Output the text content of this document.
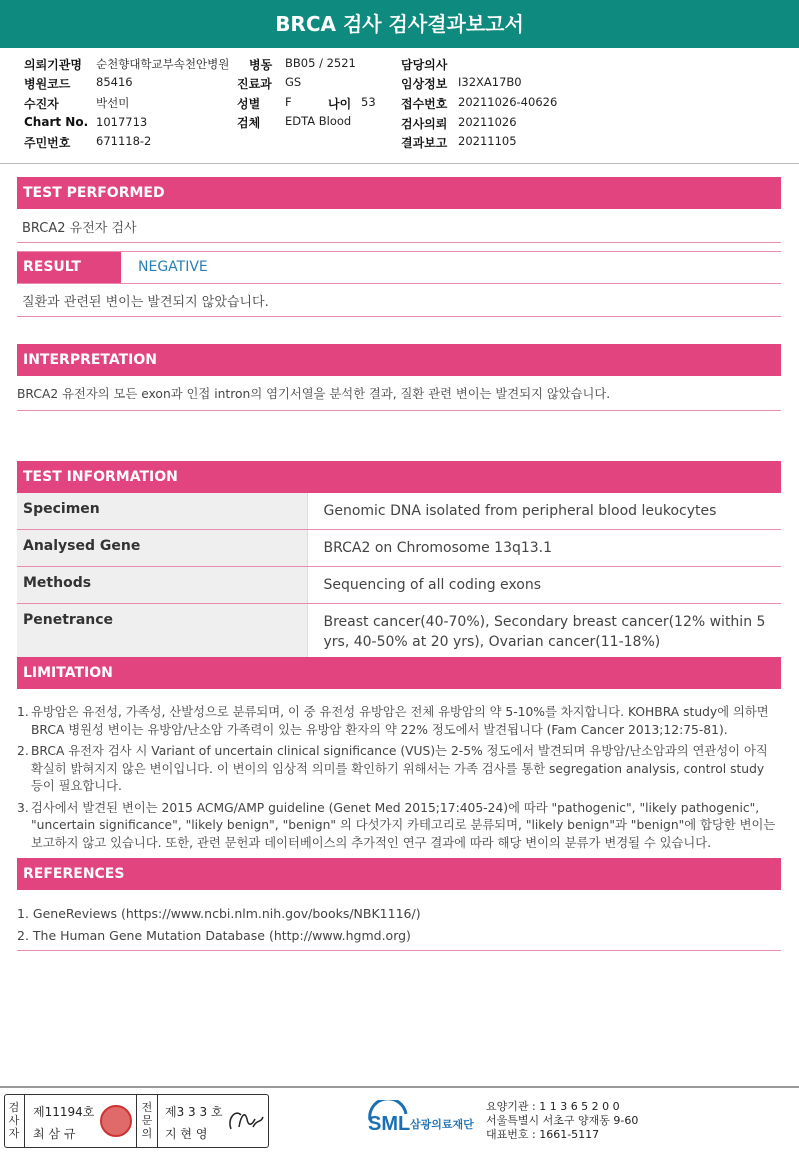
BRCA 검사 검사결과보고서
의뢰기관명 순천향대학교부속천안병원 병동 BB05 / 2521	담당의사
병원코드 85416	진료과 GS	임상정보 I32XA17B0
수진자	박선미	성별 F	나이 53 접수번호 20211026-40626
Chart No. 1017713	검체 EDTA Blood	검사의뢰 20211026
주민번호 671118-2	결과보고 20211105
TEST PERFORMED
BRCA2 유전자 검사
RESULT	NEGATIVE
질환과 관련된 변이는 발견되지 않았습니다.
INTERPRETATION
BRCA2 유전자의 모든 exon과 인접 intron의 염기서열을 분석한 결과, 질환 관련 변이는 발견되지 않았습니다.
TEST INFORMATION
Specimen	Genomic DNA isolated from peripheral blood leukocytes
Analysed Gene	BRCA2 on Chromosome 13q13.1
Methods	Sequencing of all coding exons
Penetrance	Breast cancer(40-70%), Secondary breast cancer(12% within 5 yrs, 40-50% at 20 yrs), Ovarian cancer(11-18%)
LIMITATION
1. 유방암은 유전성, 가족성, 산발성으로 분류되며, 이 중 유전성 유방암은 전체 유방암의 약 5-10%를 차지합니다. KOHBRA study에 의하면 BRCA 병원성 변이는 유방암/난소암 가족력이 있는 유방암 환자의 약 22% 정도에서 발견됩니다 (Fam Cancer 2013;12:75-81).
2. BRCA 유전자 검사 시 Variant of uncertain clinical significance (VUS)는 2-5% 정도에서 발견되며 유방암/난소암과의 연관성이 아직 확실히 밝혀지지 않은 변이입니다. 이 변이의 임상적 의미를 확인하기 위해서는 가족 검사를 통한 segregation analysis, control study 등이 필요합니다.
3. 검사에서 발견된 변이는 2015 ACMG/AMP guideline (Genet Med 2015;17:405-24)에 따라 "pathogenic", "likely pathogenic", "uncertain significance", "likely benign", "benign" 의 다섯가지 카테고리로 분류되며, "likely benign"과 "benign"에 합당한 변이는 보고하지 않고 있습니다. 또한, 관련 문헌과 데이터베이스의 추가적인 연구 결과에 따라 해당 변이의 분류가 변경될 수 있습니다.
REFERENCES
1. GeneReviews (https://www.ncbi.nlm.nih.gov/books/NBK1116/)
2. The Human Gene Mutation Database (http://www.hgmd.org)
검사자
제11194호
최 삼 규
전문의
제3 3 3 호
지 현 영	SML 삼광의료재단
요양기관 : 1 1 3 6 5 2 0 0
서울특별시 서초구 양재동 9-60
대표번호 : 1661-5117
